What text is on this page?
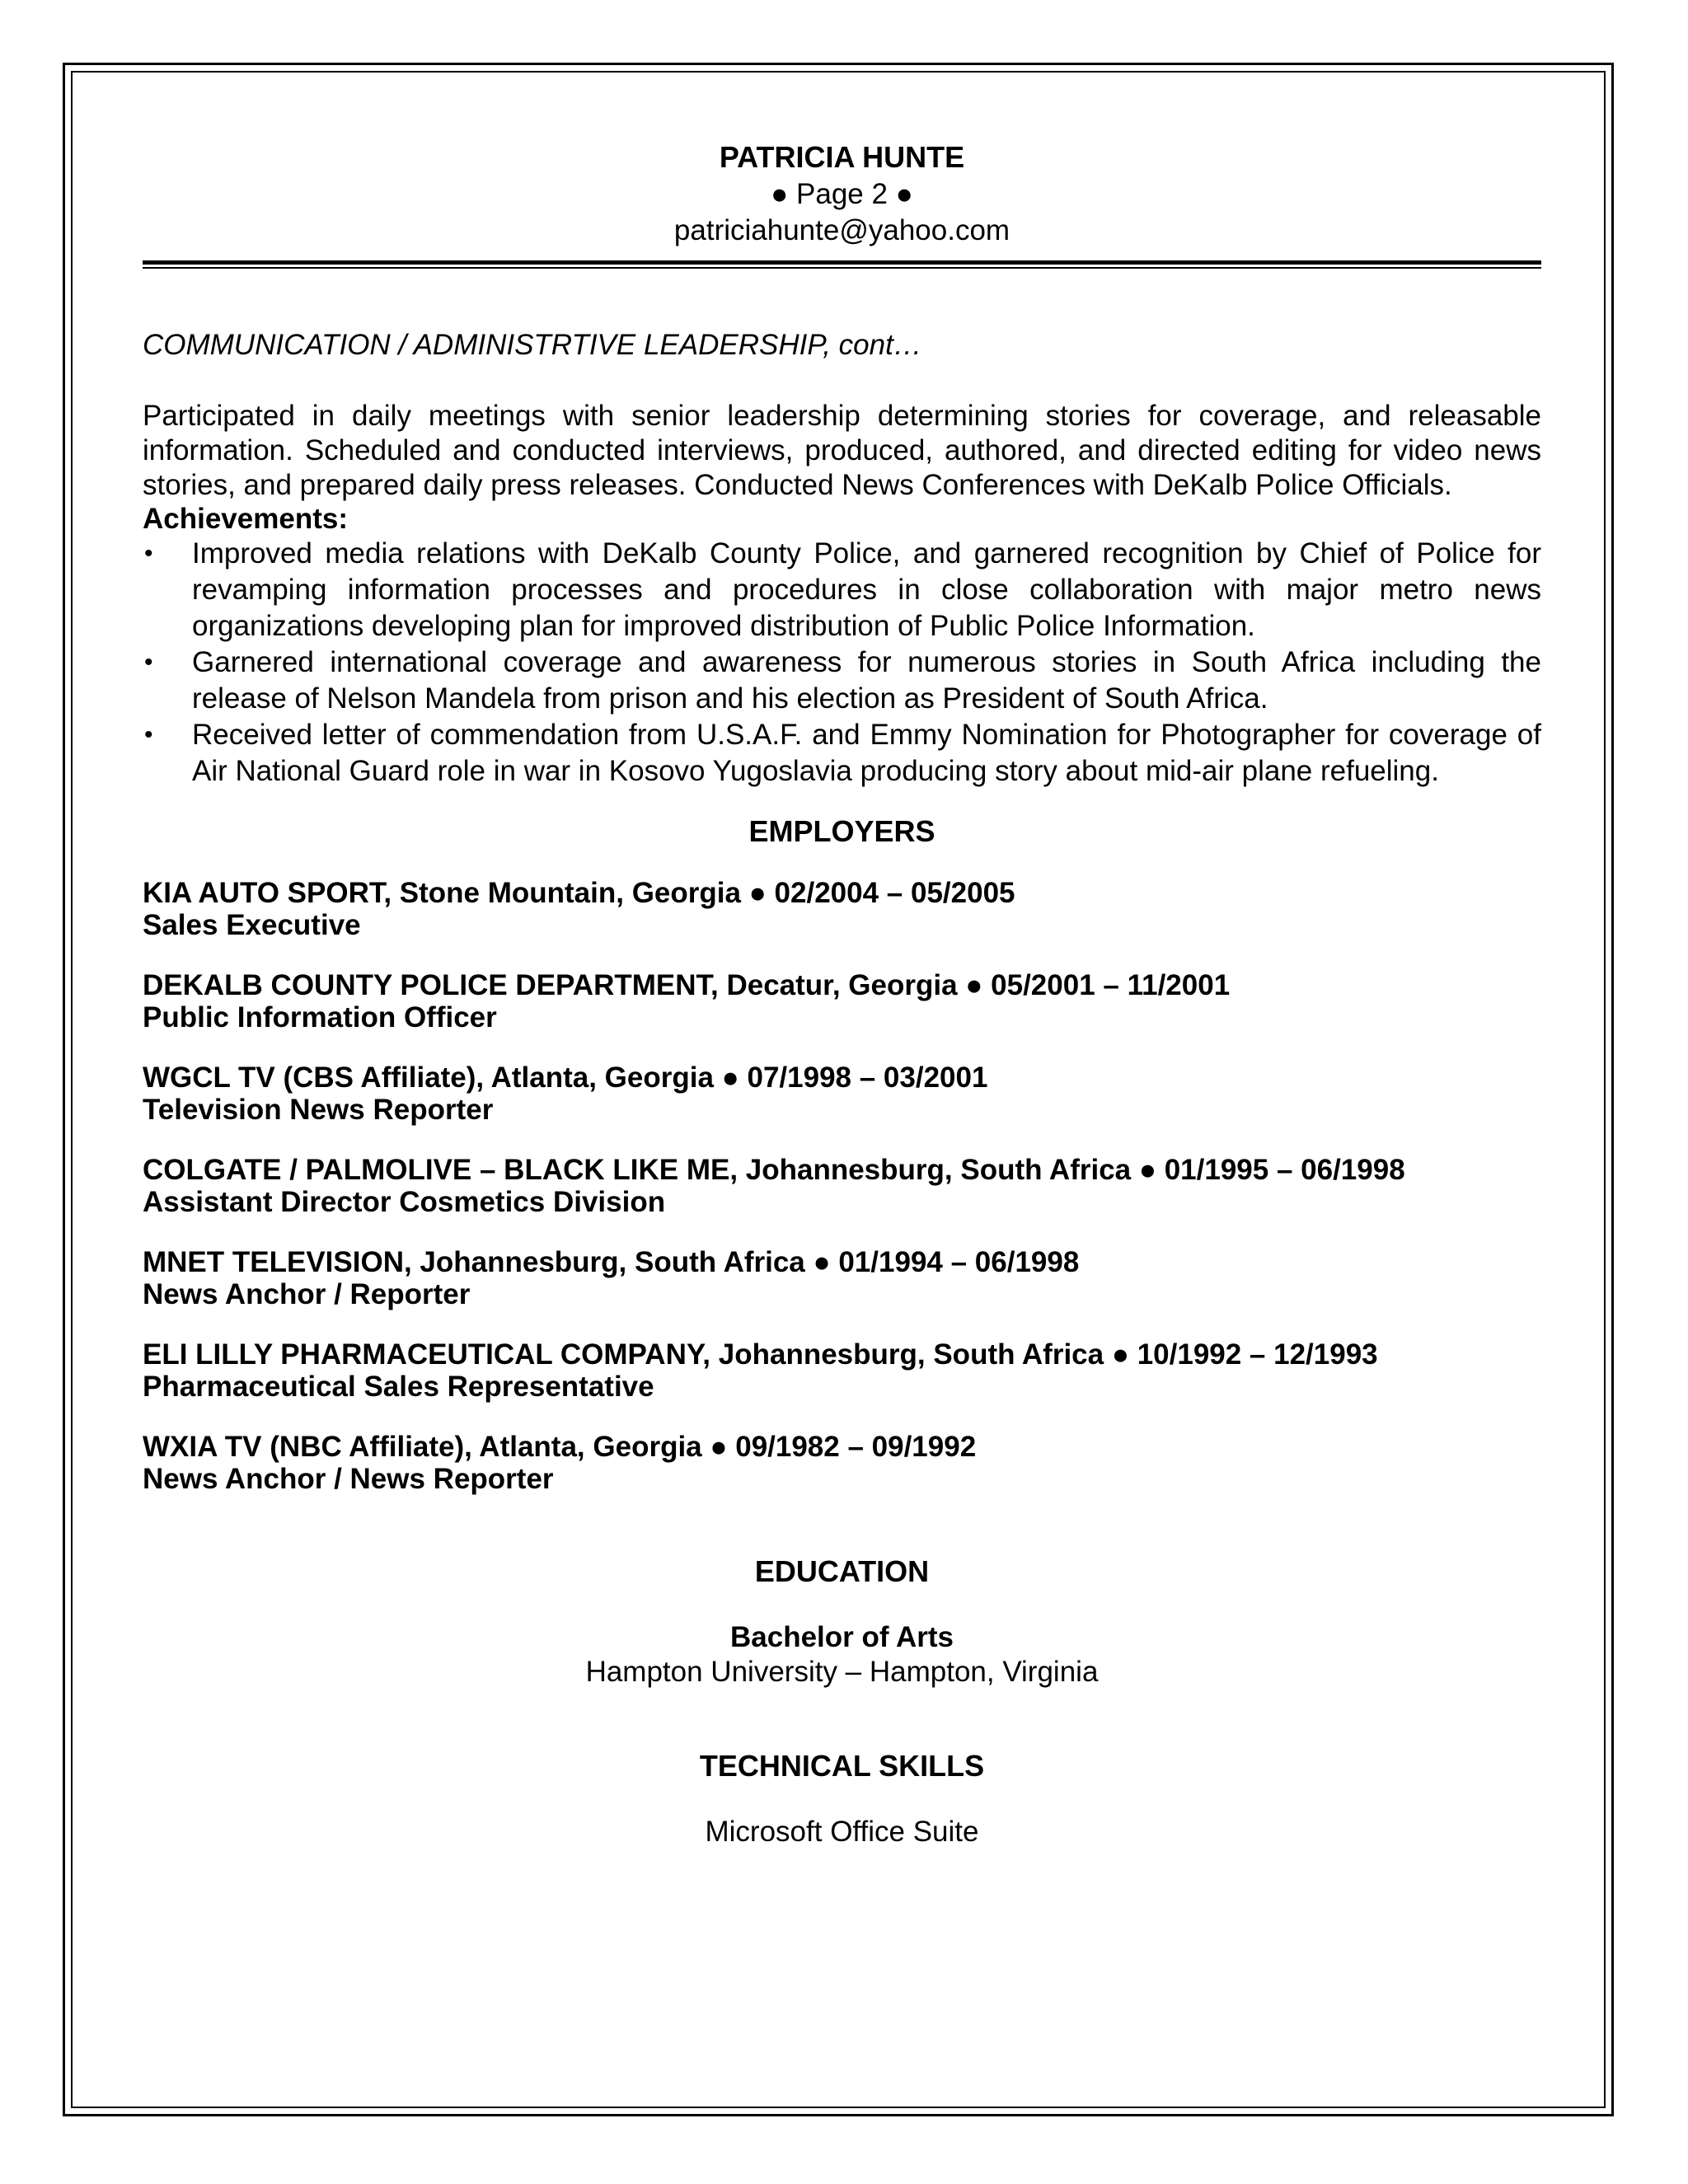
PATRICIA HUNTE
● Page 2 ●
patriciahunte@yahoo.com
COMMUNICATION / ADMINISTRTIVE LEADERSHIP, cont…
Participated in daily meetings with senior leadership determining stories for coverage, and releasable information. Scheduled and conducted interviews, produced, authored, and directed editing for video news stories, and prepared daily press releases. Conducted News Conferences with DeKalb Police Officials.
Achievements:
• Improved media relations with DeKalb County Police, and garnered recognition by Chief of Police for revamping information processes and procedures in close collaboration with major metro news organizations developing plan for improved distribution of Public Police Information.
• Garnered international coverage and awareness for numerous stories in South Africa including the release of Nelson Mandela from prison and his election as President of South Africa.
• Received letter of commendation from U.S.A.F. and Emmy Nomination for Photographer for coverage of Air National Guard role in war in Kosovo Yugoslavia producing story about mid-air plane refueling.
EMPLOYERS
KIA AUTO SPORT, Stone Mountain, Georgia ● 02/2004 – 05/2005
Sales Executive
DEKALB COUNTY POLICE DEPARTMENT, Decatur, Georgia ● 05/2001 – 11/2001
Public Information Officer
WGCL TV (CBS Affiliate), Atlanta, Georgia ● 07/1998 – 03/2001
Television News Reporter
COLGATE / PALMOLIVE – BLACK LIKE ME, Johannesburg, South Africa ● 01/1995 – 06/1998
Assistant Director Cosmetics Division
MNET TELEVISION, Johannesburg, South Africa ● 01/1994 – 06/1998
News Anchor / Reporter
ELI LILLY PHARMACEUTICAL COMPANY, Johannesburg, South Africa ● 10/1992 – 12/1993
Pharmaceutical Sales Representative
WXIA TV (NBC Affiliate), Atlanta, Georgia ● 09/1982 – 09/1992
News Anchor / News Reporter
EDUCATION
Bachelor of Arts
Hampton University – Hampton, Virginia
TECHNICAL SKILLS
Microsoft Office Suite
